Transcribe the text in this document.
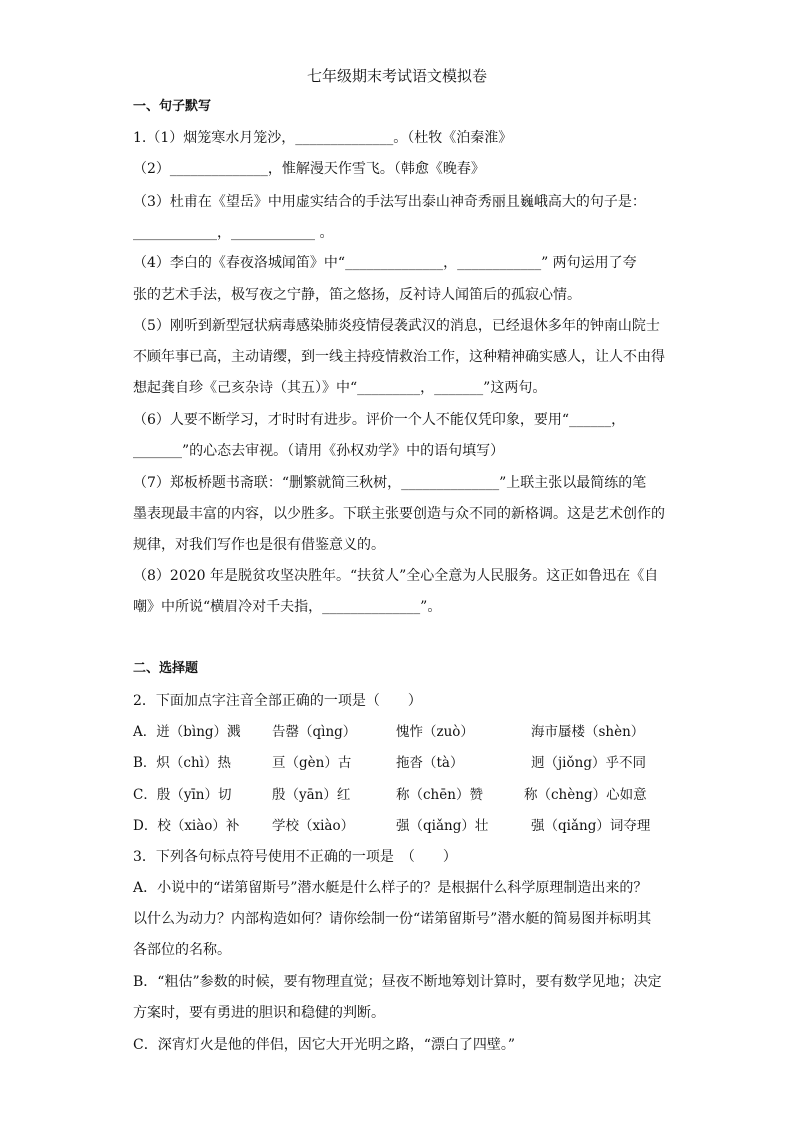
七年级期末考试语文模拟卷
一、句子默写
1.（1）烟笼寒水月笼沙，______________。（杜牧《泊秦淮》
（2）______________，惟解漫天作雪飞。（韩愈《晚春》
（3）杜甫在《望岳》中用虚实结合的手法写出泰山神奇秀丽且巍峨高大的句子是：
____________，____________ 。
（4）李白的《春夜洛城闻笛》中“______________，____________” 两句运用了夸
张的艺术手法，极写夜之宁静，笛之悠扬，反衬诗人闻笛后的孤寂心情。
（5）刚听到新型冠状病毒感染肺炎疫情侵袭武汉的消息，已经退休多年的钟南山院士
不顾年事已高，主动请缨，到一线主持疫情救治工作，这种精神确实感人，让人不由得
想起龚自珍《己亥杂诗（其五）》中“_________，_______”这两句。
（6）人要不断学习，才时时有进步。评价一个人不能仅凭印象，要用“______，
_______”的心态去审视。（请用《孙权劝学》中的语句填写）
（7）郑板桥题书斋联：“删繁就简三秋树，______________”上联主张以最简练的笔
墨表现最丰富的内容，以少胜多。下联主张要创造与众不同的新格调。这是艺术创作的
规律，对我们写作也是很有借鉴意义的。
（8）2020 年是脱贫攻坚决胜年。“扶贫人”全心全意为人民服务。这正如鲁迅在《自
嘲》中所说“横眉冷对千夫指，______________”。
二、选择题
2．下面加点字注音全部正确的一项是（　　）
A．迸（bìng）溅 告罄（qìng）	愧怍（zuò）	海市蜃楼（shèn）
B．炽（chì）热	亘（gèn）古	拖沓（tà）	迥（jiǒng）乎不同
C．殷（yīn）切	殷（yān）红	称（chēn）赞	称（chèng）心如意
D．校（xiào）补 学校（xiào）	强（qiǎng）壮	强（qiǎng）词夺理
3．下列各句标点符号使用不正确的一项是　（　　）
A．小说中的“诺第留斯号”潜水艇是什么样子的？是根据什么科学原理制造出来的？
以什么为动力？内部构造如何？请你绘制一份“诺第留斯号”潜水艇的简易图并标明其
各部位的名称。
B．“粗估”参数的时候，要有物理直觉；昼夜不断地筹划计算时，要有数学见地；决定
方案时，要有勇进的胆识和稳健的判断。
C．深宵灯火是他的伴侣，因它大开光明之路，“漂白了四壁。”
